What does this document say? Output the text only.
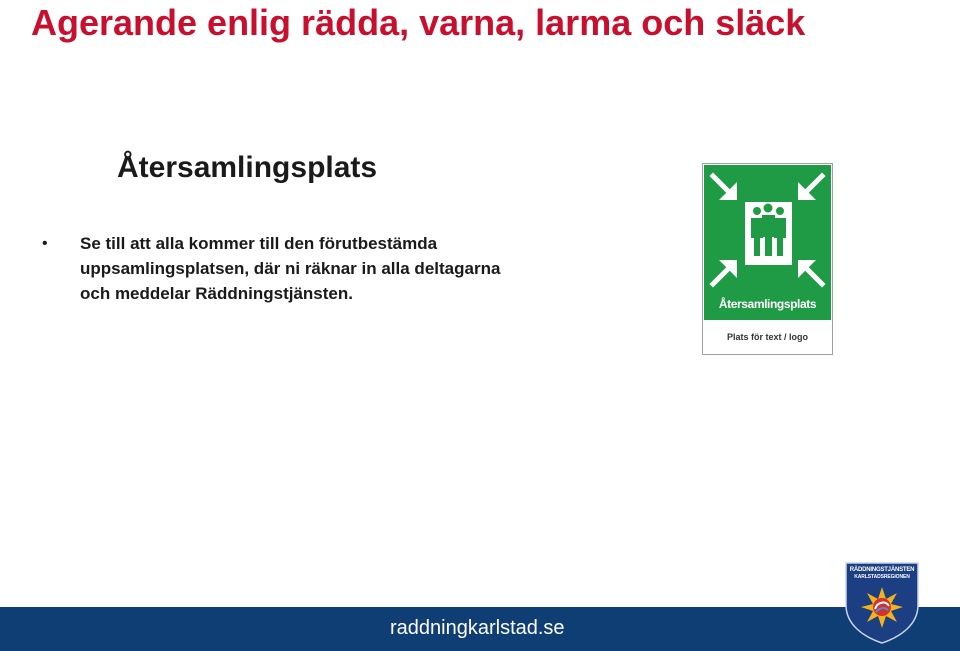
Agerande enlig rädda, varna, larma och släck
Återsamlingsplats
•	Se till att alla kommer till den förutbestämda uppsamlingsplatsen, där ni räknar in alla deltagarna och meddelar Räddningstjänsten.
Återsamlingsplats
Plats för text / logo
raddningkarlstad.se
RÄDDNINGSTJÄNSTEN
KARLSTADSREGIONEN
